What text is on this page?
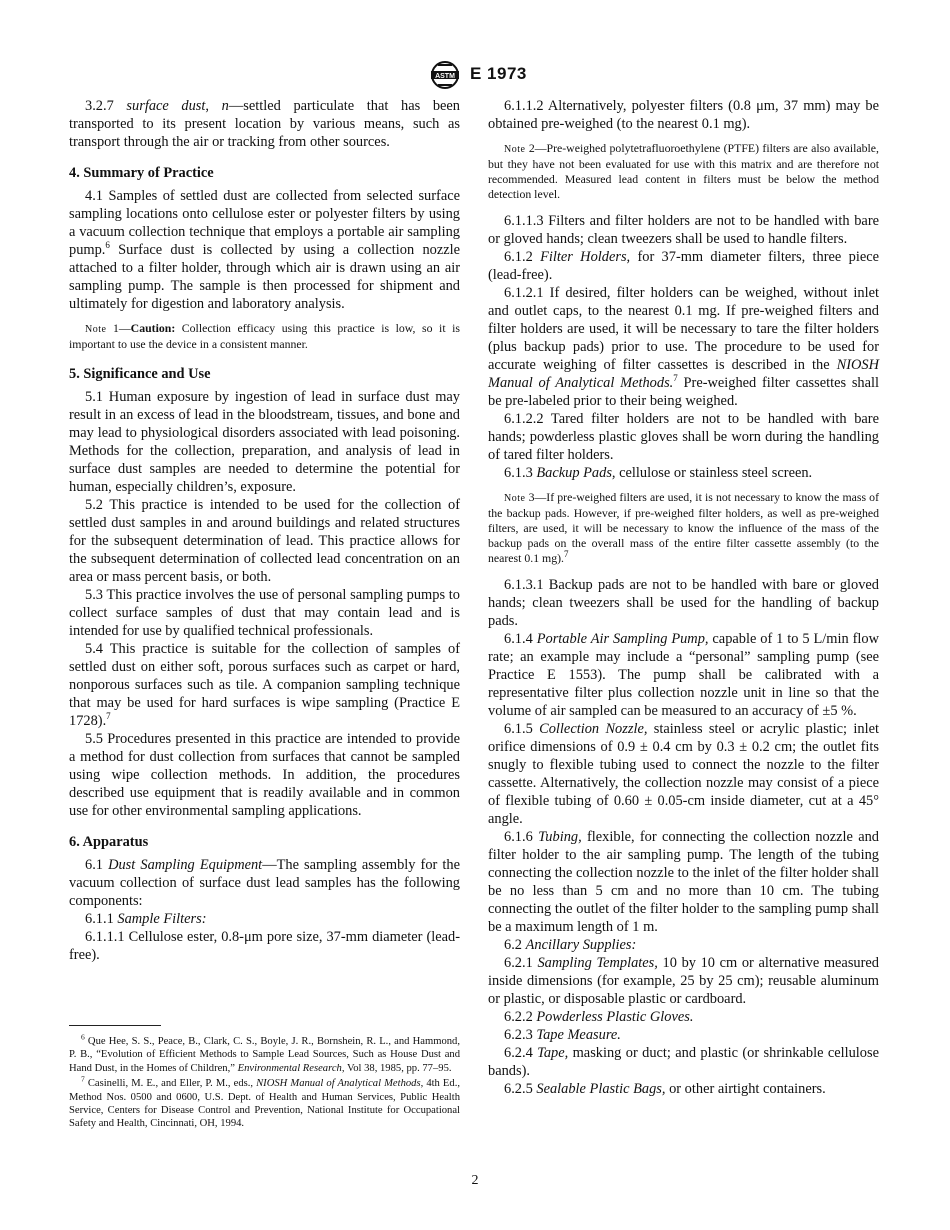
ASTM E 1973

3.2.7 surface dust, n—settled particulate that has been transported to its present location by various means, such as transport through the air or tracking from other sources.

4. Summary of Practice

4.1 Samples of settled dust are collected from selected surface sampling locations onto cellulose ester or polyester filters by using a vacuum collection technique that employs a portable air sampling pump.$^6$ Surface dust is collected by using a collection nozzle attached to a filter holder, through which air is drawn using an air sampling pump. The sample is then processed for shipment and ultimately for digestion and laboratory analysis.

Note 1—Caution: Collection efficacy using this practice is low, so it is important to use the device in a consistent manner.

5. Significance and Use

5.1 Human exposure by ingestion of lead in surface dust may result in an excess of lead in the bloodstream, tissues, and bone and may lead to physiological disorders associated with lead poisoning. Methods for the collection, preparation, and analysis of lead in surface dust samples are needed to determine the potential for human, especially children’s, exposure.

5.2 This practice is intended to be used for the collection of settled dust samples in and around buildings and related structures for the subsequent determination of lead. This practice allows for the subsequent determination of collected lead concentration on an area or mass percent basis, or both.

5.3 This practice involves the use of personal sampling pumps to collect surface samples of dust that may contain lead and is intended for use by qualified technical professionals.

5.4 This practice is suitable for the collection of samples of settled dust on either soft, porous surfaces such as carpet or hard, nonporous surfaces such as tile. A companion sampling technique that may be used for hard surfaces is wipe sampling (Practice E 1728).$^7$

5.5 Procedures presented in this practice are intended to provide a method for dust collection from surfaces that cannot be sampled using wipe collection methods. In addition, the procedures described use equipment that is readily available and in common use for other environmental sampling applications.

6. Apparatus

6.1 Dust Sampling Equipment—The sampling assembly for the vacuum collection of surface dust lead samples has the following components:

6.1.1 Sample Filters:

6.1.1.1 Cellulose ester, 0.8-μm pore size, 37-mm diameter (lead-free).

$^6$ Que Hee, S. S., Peace, B., Clark, C. S., Boyle, J. R., Bornshein, R. L., and Hammond, P. B., “Evolution of Efficient Methods to Sample Lead Sources, Such as House Dust and Hand Dust, in the Homes of Children,” Environmental Research, Vol 38, 1985, pp. 77–95.

$^7$ Casinelli, M. E., and Eller, P. M., eds., NIOSH Manual of Analytical Methods, 4th Ed., Method Nos. 0500 and 0600, U.S. Dept. of Health and Human Services, Public Health Service, Centers for Disease Control and Prevention, National Institute for Occupational Safety and Health, Cincinnati, OH, 1994.

6.1.1.2 Alternatively, polyester filters (0.8 μm, 37 mm) may be obtained pre-weighed (to the nearest 0.1 mg).

Note 2—Pre-weighed polytetrafluoroethylene (PTFE) filters are also available, but they have not been evaluated for use with this matrix and are therefore not recommended. Measured lead content in filters must be below the method detection level.

6.1.1.3 Filters and filter holders are not to be handled with bare or gloved hands; clean tweezers shall be used to handle filters.

6.1.2 Filter Holders, for 37-mm diameter filters, three piece (lead-free).

6.1.2.1 If desired, filter holders can be weighed, without inlet and outlet caps, to the nearest 0.1 mg. If pre-weighed filters and filter holders are used, it will be necessary to tare the filter holders (plus backup pads) prior to use. The procedure to be used for accurate weighing of filter cassettes is described in the NIOSH Manual of Analytical Methods.$^7$ Pre-weighed filter cassettes shall be pre-labeled prior to their being weighed.

6.1.2.2 Tared filter holders are not to be handled with bare hands; powderless plastic gloves shall be worn during the handling of tared filter holders.

6.1.3 Backup Pads, cellulose or stainless steel screen.

Note 3—If pre-weighed filters are used, it is not necessary to know the mass of the backup pads. However, if pre-weighed filter holders, as well as pre-weighed filters, are used, it will be necessary to know the influence of the mass of the backup pads on the overall mass of the entire filter cassette assembly (to the nearest 0.1 mg).$^7$

6.1.3.1 Backup pads are not to be handled with bare or gloved hands; clean tweezers shall be used for the handling of backup pads.

6.1.4 Portable Air Sampling Pump, capable of 1 to 5 L/min flow rate; an example may include a “personal” sampling pump (see Practice E 1553). The pump shall be calibrated with a representative filter plus collection nozzle unit in line so that the volume of air sampled can be measured to an accuracy of ±5 %.

6.1.5 Collection Nozzle, stainless steel or acrylic plastic; inlet orifice dimensions of 0.9 ± 0.4 cm by 0.3 ± 0.2 cm; the outlet fits snugly to flexible tubing used to connect the nozzle to the filter cassette. Alternatively, the collection nozzle may consist of a piece of flexible tubing of 0.60 ± 0.05-cm inside diameter, cut at a 45° angle.

6.1.6 Tubing, flexible, for connecting the collection nozzle and filter holder to the air sampling pump. The length of the tubing connecting the collection nozzle to the inlet of the filter holder shall be no less than 5 cm and no more than 10 cm. The tubing connecting the outlet of the filter holder to the sampling pump shall be a maximum length of 1 m.

6.2 Ancillary Supplies:

6.2.1 Sampling Templates, 10 by 10 cm or alternative measured inside dimensions (for example, 25 by 25 cm); reusable aluminum or plastic, or disposable plastic or cardboard.

6.2.2 Powderless Plastic Gloves.

6.2.3 Tape Measure.

6.2.4 Tape, masking or duct; and plastic (or shrinkable cellulose bands).

6.2.5 Sealable Plastic Bags, or other airtight containers.

2
